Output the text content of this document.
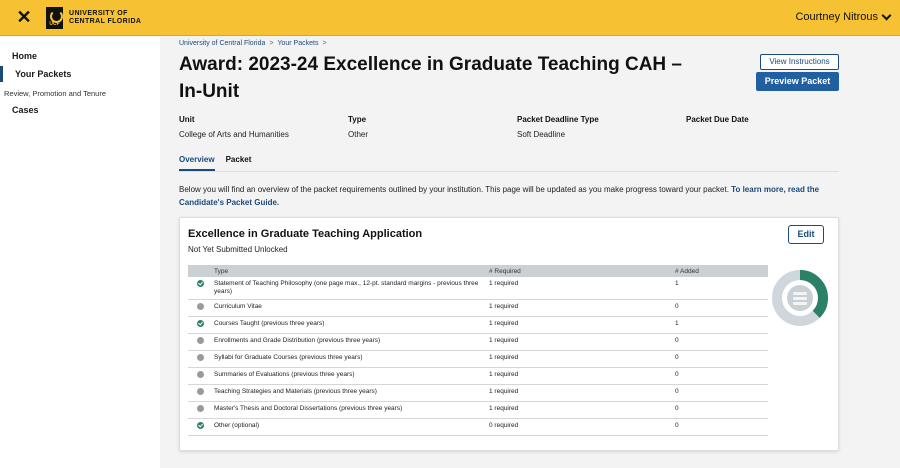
✕	UCF
UNIVERSITY OF
CENTRAL FLORIDA	Courtney Nitrous
Home
Your Packets
Review, Promotion and Tenure
Cases
University of Central Florida > Your Packets >
Award: 2023-24 Excellence in Graduate Teaching CAH – In-Unit
View Instructions
Preview Packet
Unit
College of Arts and Humanities
Type
Other
Packet Deadline Type
Soft Deadline
Packet Due Date
Overview Packet
Below you will find an overview of the packet requirements outlined by your institution. This page will be updated as you make progress toward your packet. To learn more, read the Candidate's Packet Guide.
Excellence in Graduate Teaching Application
Not Yet Submitted Unlocked
Edit
	Type	# Required	# Added
	Statement of Teaching Philosophy (one page max., 12-pt. standard margins - previous three years)	1 required	1
	Curriculum Vitae	1 required	0
	Courses Taught (previous three years)	1 required	1
	Enrollments and Grade Distribution (previous three years)	1 required	0
	Syllabi for Graduate Courses (previous three years)	1 required	0
	Summaries of Evaluations (previous three years)	1 required	0
	Teaching Strategies and Materials (previous three years)	1 required	0
	Master's Thesis and Doctoral Dissertations (previous three years)	1 required	0
	Other (optional)	0 required	0
